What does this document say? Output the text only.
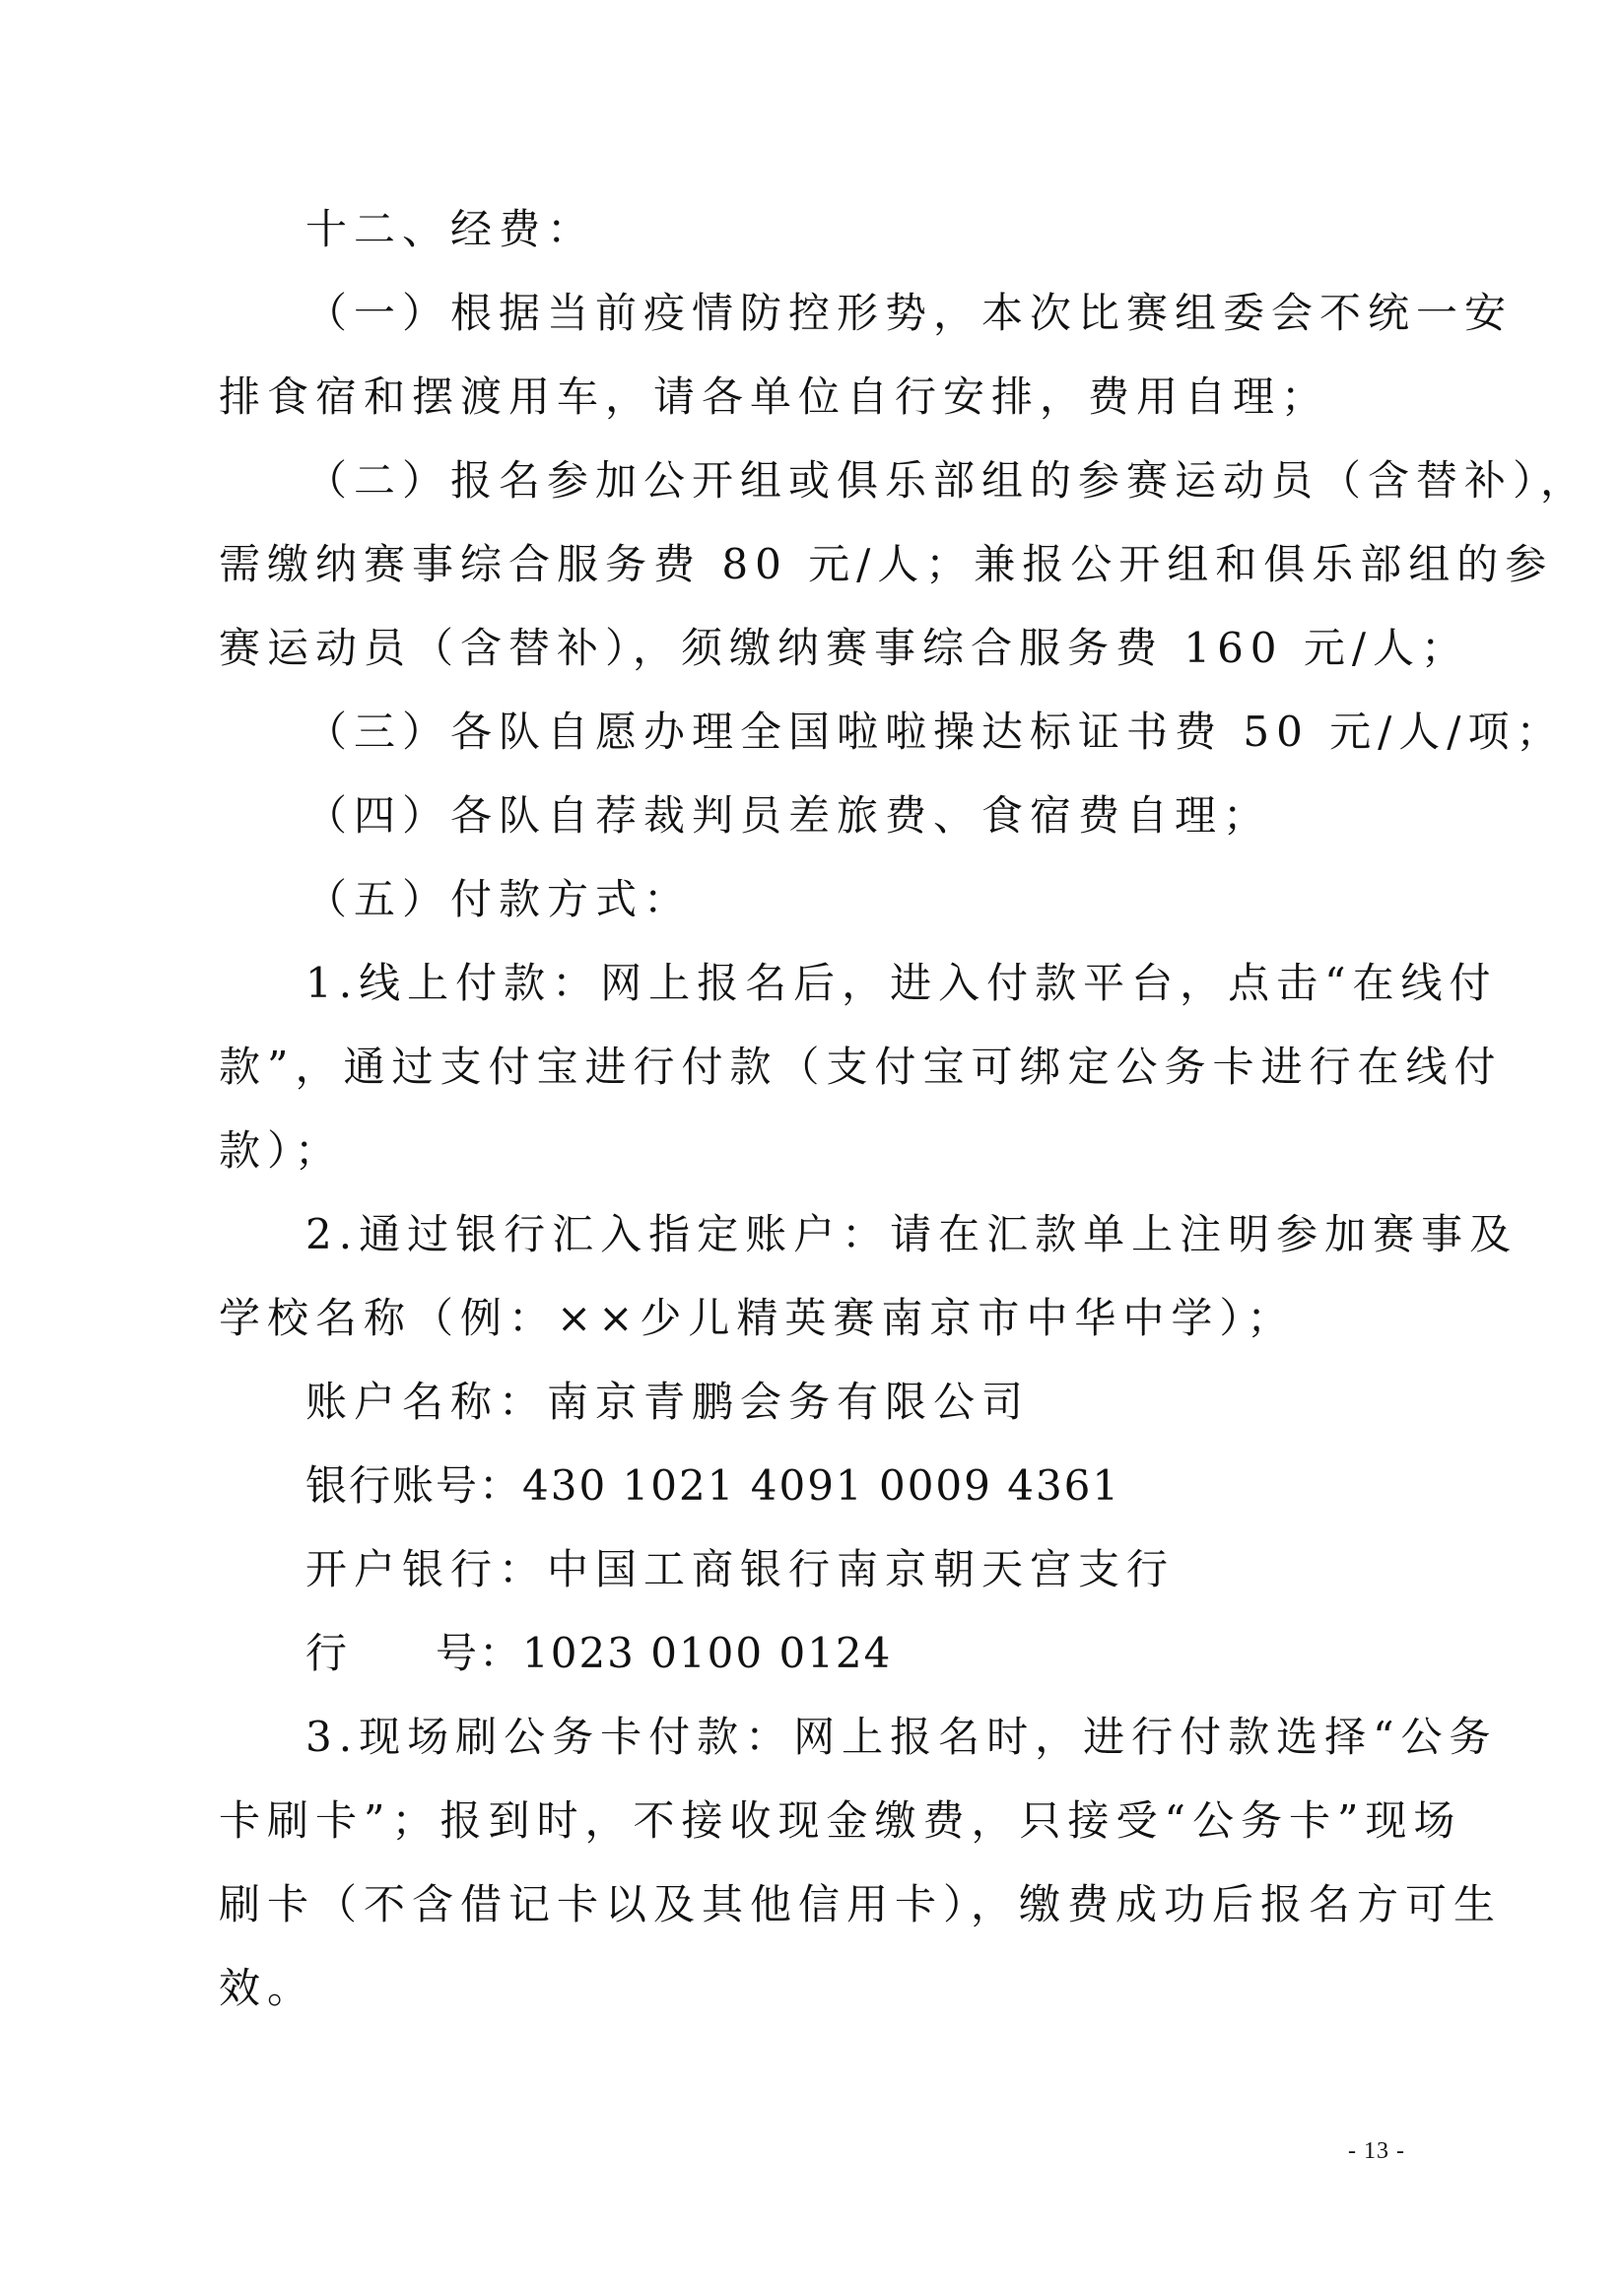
十二、经费：
（一）根据当前疫情防控形势，本次比赛组委会不统一安
排食宿和摆渡用车，请各单位自行安排，费用自理；
（二）报名参加公开组或俱乐部组的参赛运动员（含替补），
需缴纳赛事综合服务费 80 元/人；兼报公开组和俱乐部组的参
赛运动员（含替补），须缴纳赛事综合服务费 160 元/人；
（三）各队自愿办理全国啦啦操达标证书费 50 元/人/项；
（四）各队自荐裁判员差旅费、食宿费自理；
（五）付款方式：
1.线上付款：网上报名后，进入付款平台，点击“在线付
款”，通过支付宝进行付款（支付宝可绑定公务卡进行在线付
款）；
2.通过银行汇入指定账户：请在汇款单上注明参加赛事及
学校名称（例：××少儿精英赛南京市中华中学）；
账户名称：南京青鹏会务有限公司
银行账号：430 1021 4091 0009 4361
开户银行：中国工商银行南京朝天宫支行
行　　号：1023 0100 0124
3.现场刷公务卡付款：网上报名时，进行付款选择“公务
卡刷卡”；报到时，不接收现金缴费，只接受“公务卡”现场
刷卡（不含借记卡以及其他信用卡），缴费成功后报名方可生
效。
- 13 -
